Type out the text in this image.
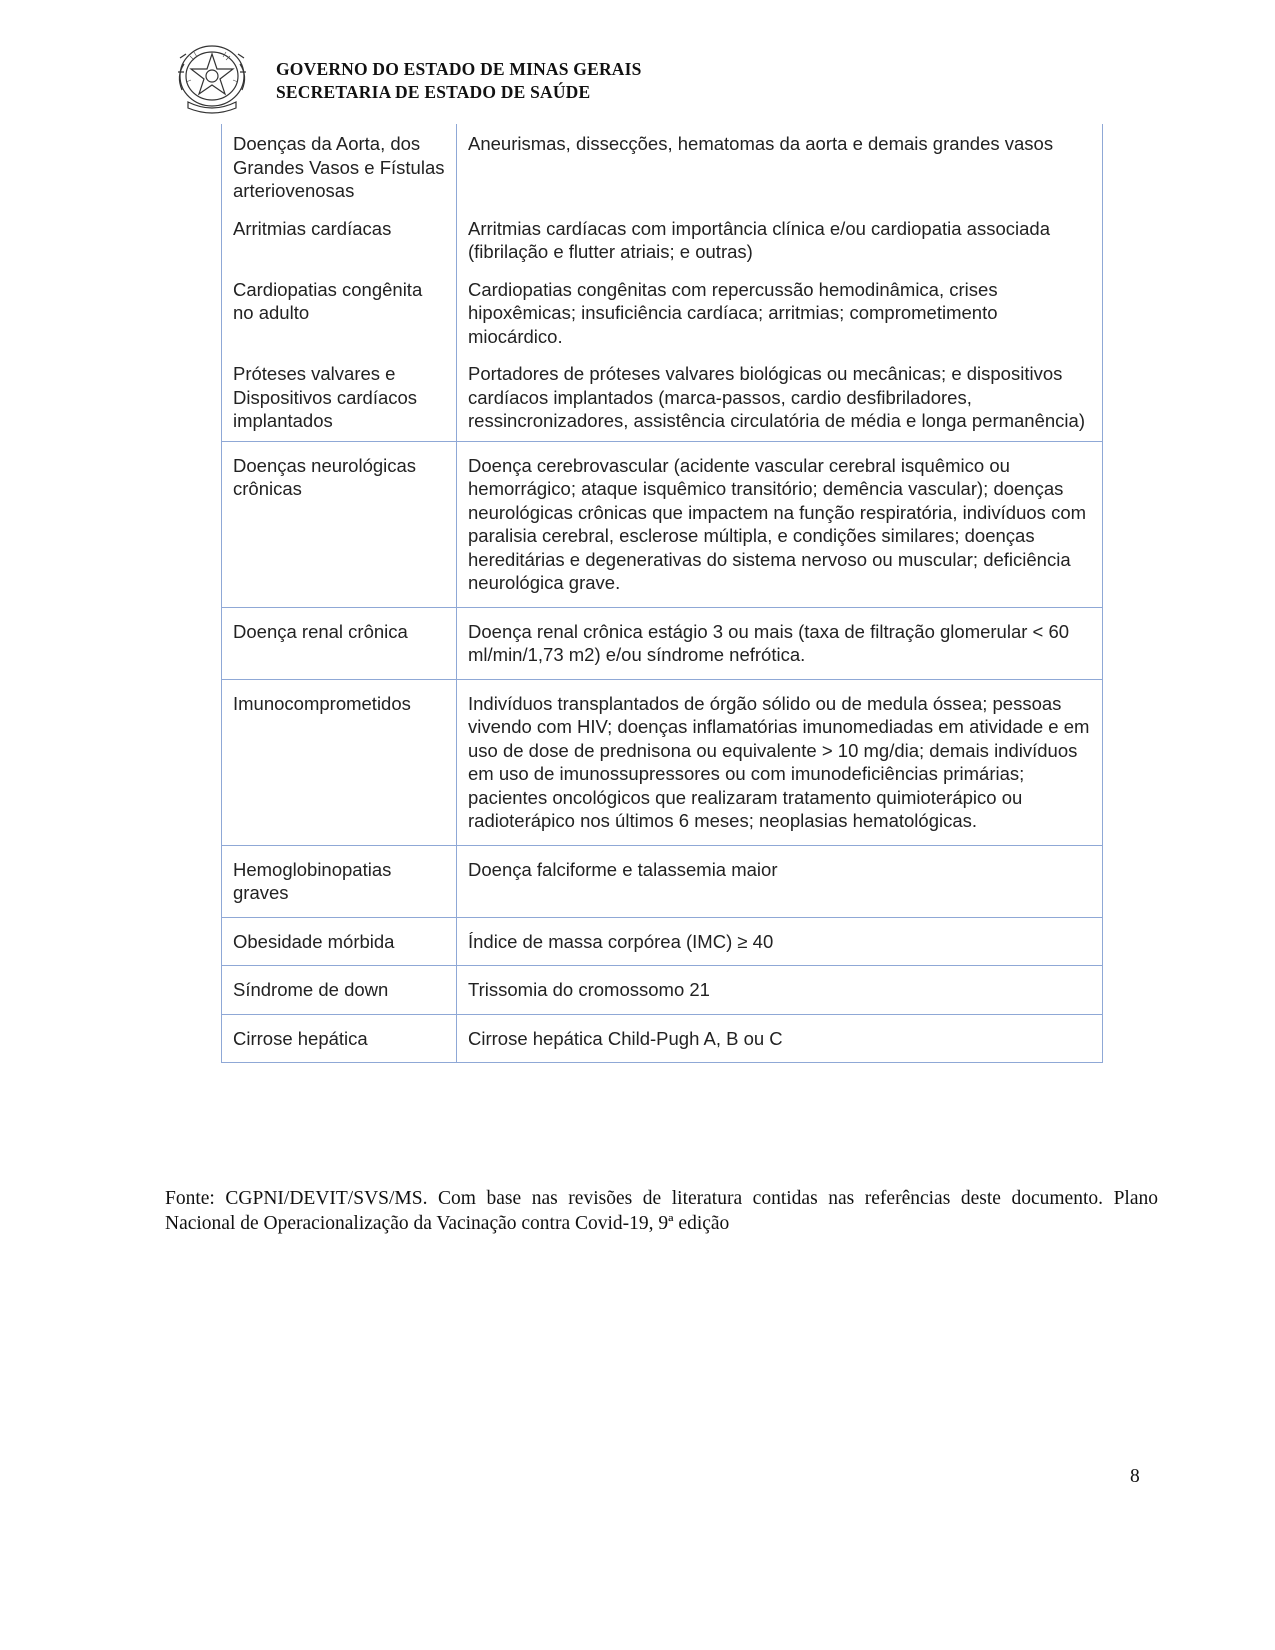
GOVERNO DO ESTADO DE MINAS GERAIS
SECRETARIA DE ESTADO DE SAÚDE
Doenças da Aorta, dos Grandes Vasos e Fístulas arteriovenosas	Aneurismas, dissecções, hematomas da aorta e demais grandes vasos
Arritmias cardíacas	Arritmias cardíacas com importância clínica e/ou cardiopatia associada (fibrilação e flutter atriais; e outras)
Cardiopatias congênita no adulto	Cardiopatias congênitas com repercussão hemodinâmica, crises hipoxêmicas; insuficiência cardíaca; arritmias; comprometimento miocárdico.
Próteses valvares e Dispositivos cardíacos implantados	Portadores de próteses valvares biológicas ou mecânicas; e dispositivos cardíacos implantados (marca-passos, cardio desfibriladores, ressincronizadores, assistência circulatória de média e longa permanência)
Doenças neurológicas crônicas	Doença cerebrovascular (acidente vascular cerebral isquêmico ou hemorrágico; ataque isquêmico transitório; demência vascular); doenças neurológicas crônicas que impactem na função respiratória, indivíduos com paralisia cerebral, esclerose múltipla, e condições similares; doenças hereditárias e degenerativas do sistema nervoso ou muscular; deficiência neurológica grave.
Doença renal crônica	Doença renal crônica estágio 3 ou mais (taxa de filtração glomerular < 60 ml/min/1,73 m2) e/ou síndrome nefrótica.
Imunocomprometidos	Indivíduos transplantados de órgão sólido ou de medula óssea; pessoas vivendo com HIV; doenças inflamatórias imunomediadas em atividade e em uso de dose de prednisona ou equivalente > 10 mg/dia; demais indivíduos em uso de imunossupressores ou com imunodeficiências primárias; pacientes oncológicos que realizaram tratamento quimioterápico ou radioterápico nos últimos 6 meses; neoplasias hematológicas.
Hemoglobinopatias graves	Doença falciforme e talassemia maior
Obesidade mórbida	Índice de massa corpórea (IMC) ≥ 40
Síndrome de down	Trissomia do cromossomo 21
Cirrose hepática	Cirrose hepática Child-Pugh A, B ou C

Fonte: CGPNI/DEVIT/SVS/MS. Com base nas revisões de literatura contidas nas referências deste documento. Plano Nacional de Operacionalização da Vacinação contra Covid-19, 9ª edição

8
